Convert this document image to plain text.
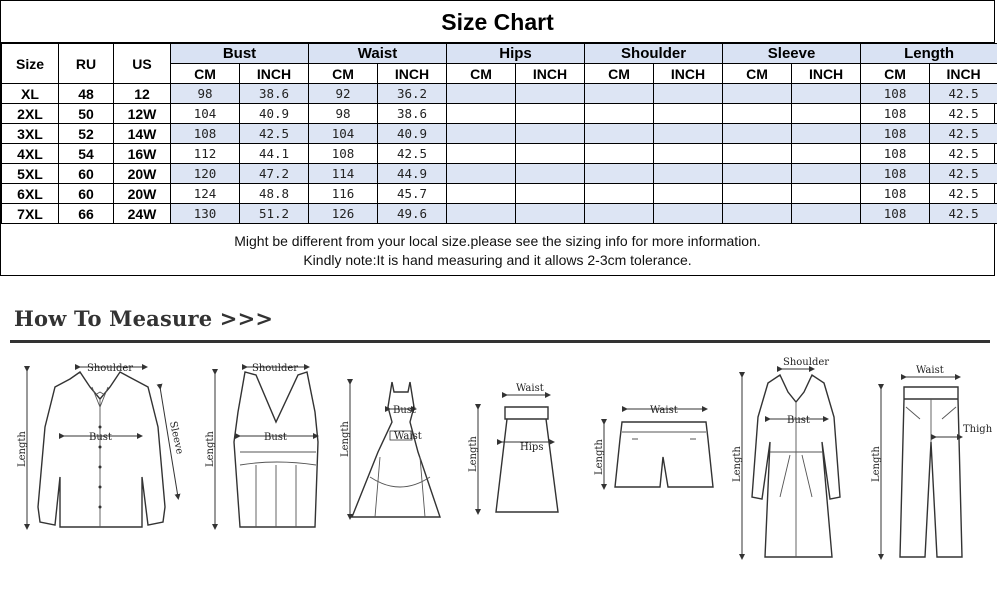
Size Chart
Size	RU	US	Bust		Waist		Hips		Shoulder		Sleeve		Length	
			CM	INCH	CM	INCH	CM	INCH	CM	INCH	CM	INCH	CM	INCH
XL	48	12	98	38.6	92	36.2							108	42.5
2XL	50	12W	104	40.9	98	38.6							108	42.5
3XL	52	14W	108	42.5	104	40.9							108	42.5
4XL	54	16W	112	44.1	108	42.5							108	42.5
5XL	60	20W	120	47.2	114	44.9							108	42.5
6XL	60	20W	124	48.8	116	45.7							108	42.5
7XL	66	24W	130	51.2	126	49.6							108	42.5
Might be different from your local size.please see the sizing info for more information.
Kindly note:It is hand measuring and it allows 2-3cm tolerance.
How To Measure >>>
Shoulder
Bust
Length	Sleeve
Shoulder
Bust
Length
Bust
Waist
Length
Waist
Hips
Length
Waist
Length
Shoulder
Bust
Length
Waist
Thigh
Length
